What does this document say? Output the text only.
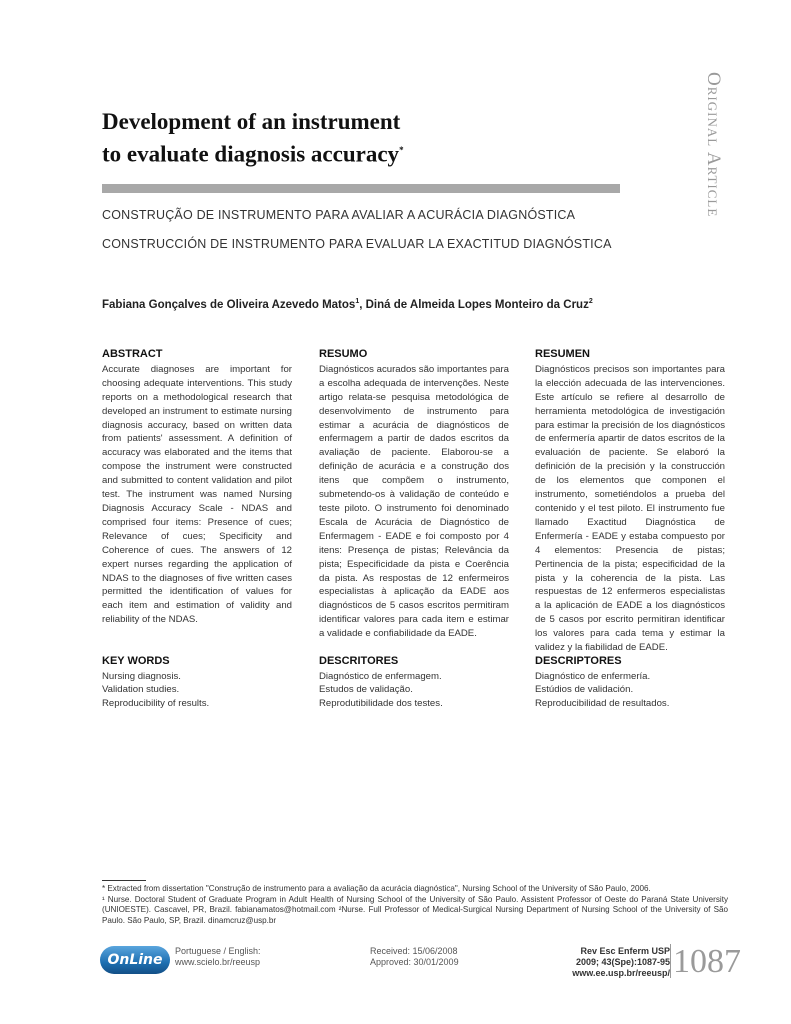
Original Article
Development of an instrument
to evaluate diagnosis accuracy*

CONSTRUÇÃO DE INSTRUMENTO PARA AVALIAR A ACURÁCIA DIAGNÓSTICA

CONSTRUCCIÓN DE INSTRUMENTO PARA EVALUAR LA EXACTITUD DIAGNÓSTICA

Fabiana Gonçalves de Oliveira Azevedo Matos$^1$, Diná de Almeida Lopes Monteiro da Cruz$^2$

ABSTRACT

Accurate diagnoses are important for choosing adequate interventions. This study reports on a methodological research that developed an instrument to estimate nursing diagnosis accuracy, based on written data from patients' assessment. A definition of accuracy was elaborated and the items that compose the instrument were constructed and submitted to content validation and pilot test. The instrument was named Nursing Diagnosis Accuracy Scale - NDAS and comprised four items: Presence of cues; Relevance of cues; Specificity and Coherence of cues. The answers of 12 expert nurses regarding the application of NDAS to the diagnoses of five written cases permitted the identification of values for each item and estimation of validity and reliability of the NDAS.

RESUMO

Diagnósticos acurados são importantes para a escolha adequada de intervenções. Neste artigo relata-se pesquisa metodológica de desenvolvimento de instrumento para estimar a acurácia de diagnósticos de enfermagem a partir de dados escritos da avaliação de paciente. Elaborou-se a definição de acurácia e a construção dos itens que compõem o instrumento, submetendo-os à validação de conteúdo e teste piloto. O instrumento foi denominado Escala de Acurácia de Diagnóstico de Enfermagem - EADE e foi composto por 4 itens: Presença de pistas; Relevância da pista; Especificidade da pista e Coerência da pista. As respostas de 12 enfermeiros especialistas à aplicação da EADE aos diagnósticos de 5 casos escritos permitiram identificar valores para cada item e estimar a validade e confiabilidade da EADE.

RESUMEN

Diagnósticos precisos son importantes para la elección adecuada de las intervenciones. Este artículo se refiere al desarrollo de herramienta metodológica de investigación para estimar la precisión de los diagnósticos de enfermería apartir de datos escritos de la evaluación de paciente. Se elaboró la definición de la precisión y la construcción de los elementos que componen el instrumento, sometiéndolos a prueba del contenido y el test piloto. El instrumento fue llamado Exactitud Diagnóstica de Enfermería - EADE y estaba compuesto por 4 elementos: Presencia de pistas; Pertinencia de la pista; especificidad de la pista y la coherencia de la pista. Las respuestas de 12 enfermeros especialistas a la aplicación de EADE a los diagnósticos de 5 casos por escrito permitiran identificar los valores para cada tema y estimar la validez y la fiabilidad de EADE.

KEY WORDS
Nursing diagnosis.
Validation studies.
Reproducibility of results.
DESCRITORES
Diagnóstico de enfermagem.
Estudos de validação.
Reprodutibilidade dos testes.
DESCRIPTORES
Diagnóstico de enfermería.
Estúdios de validación.
Reproducibilidad de resultados.

* Extracted from dissertation "Construção de instrumento para a avaliação da acurácia diagnóstica", Nursing School of the University of São Paulo, 2006.

¹ Nurse. Doctoral Student of Graduate Program in Adult Health of Nursing School of the University of São Paulo. Assistent Professor of Oeste do Paraná State University (UNIOESTE). Cascavel, PR, Brazil. fabianamatos@hotmail.com ²Nurse. Full Professor of Medical-Surgical Nursing Department of Nursing School of the University of São Paulo. São Paulo, SP, Brazil. dinamcruz@usp.br

OnLine
Portuguese / English:
www.scielo.br/reeusp
Received: 15/06/2008
Approved: 30/01/2009
Rev Esc Enferm USP
2009; 43(Spe):1087-95
www.ee.usp.br/reeusp/ 1087
